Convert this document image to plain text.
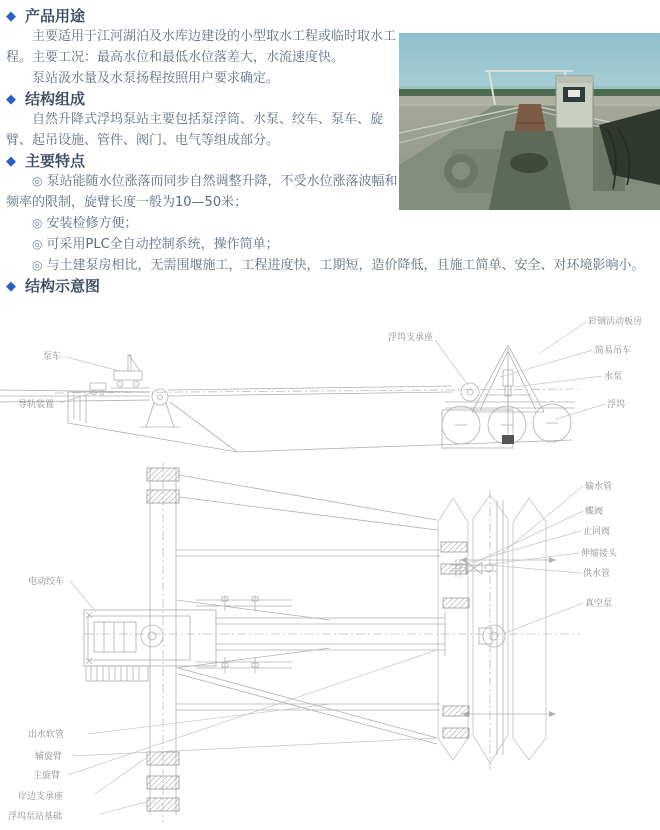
◆ 产品用途

主要适用于江河湖泊及水库边建设的小型取水工程或临时取水工程。主要工况：最高水位和最低水位落差大，水流速度快。

泵站汲水量及水泵扬程按照用户要求确定。

◆ 结构组成

自然升降式浮坞泵站主要包括泵浮筒、水泵、绞车、泵车、旋臂、起吊设施、管件、阀门、电气等组成部分。

◆ 主要特点

◎ 泵站能随水位涨落而同步自然调整升降，不受水位涨落波幅和频率的限制，旋臂长度一般为10—50米；

◎ 安装检修方便；

◎ 可采用PLC全自动控制系统，操作简单；

◎ 与土建泵房相比，无需围堰施工，工程进度快，工期短，造价降低，且施工简单、安全、对环境影响小。

◆ 结构示意图
泵车
导轨装置
浮坞支承座
彩钢活动板房
简易吊车
水泵
浮坞
输水管
蝶阀
止回阀
伸缩接头
供水管
真空泵
电动绞车
出水软管
辅旋臂
主旋臂
岸边支承座
浮坞泵站基础
